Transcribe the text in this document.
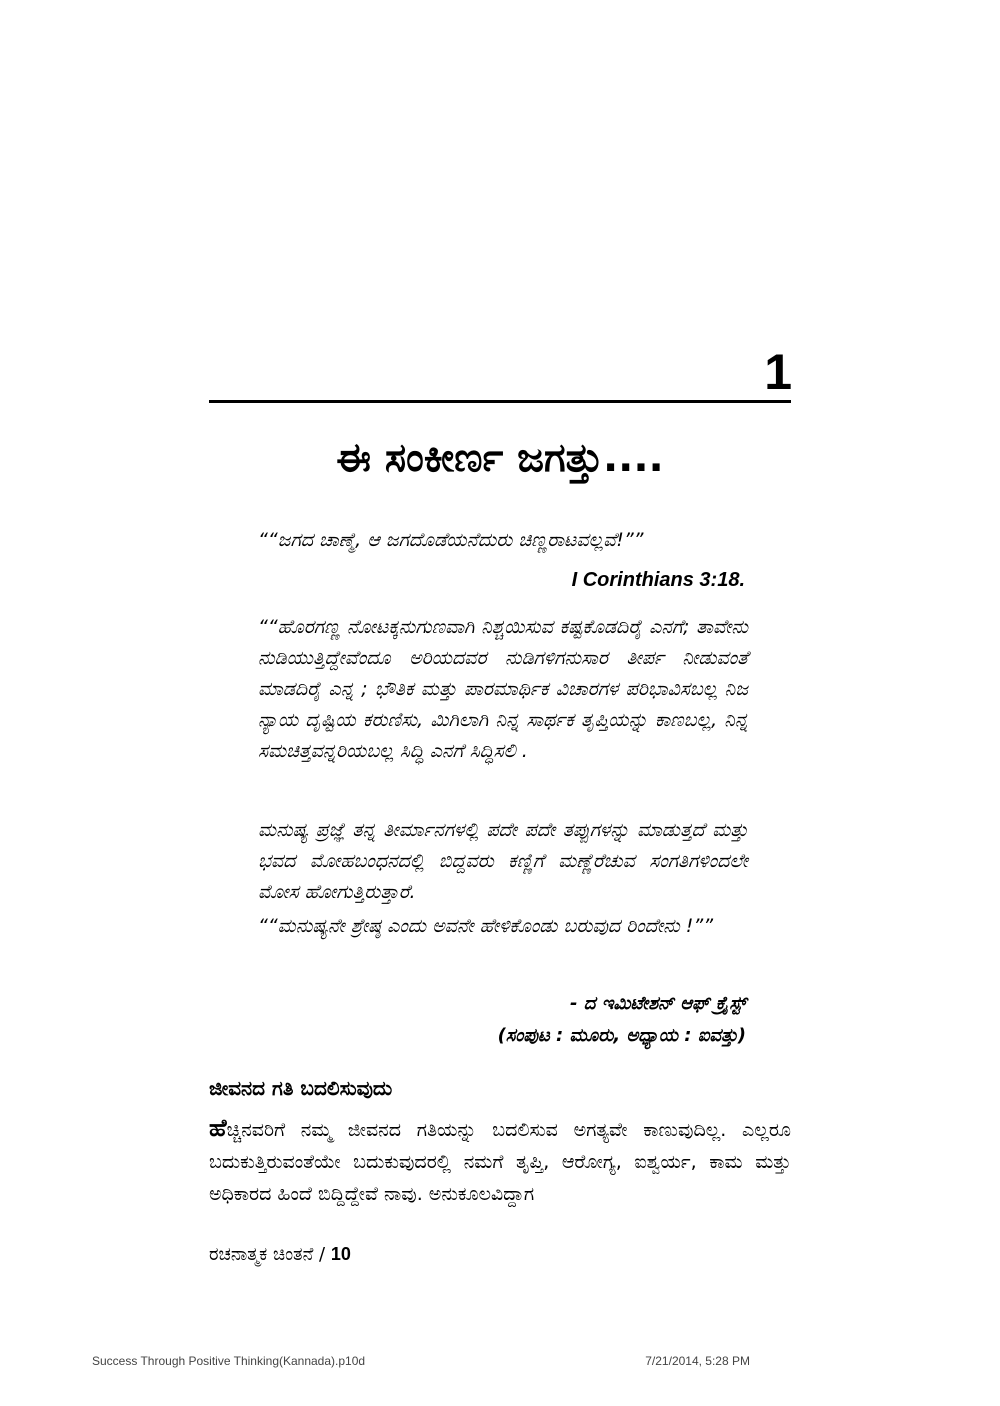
1
ಈ ಸಂಕೀರ್ಣ ಜಗತ್ತು....
““ಜಗದ ಚಾಣ್ಮೆ, ಆ ಜಗದೊಡೆಯನೆದುರು ಚಿಣ್ಣರಾಟವಲ್ಲವೆ!””
I Corinthians 3:18.
““ಹೊರಗಣ್ಣ ನೋಟಕ್ಕನುಗುಣವಾಗಿ ನಿಶ್ಚಯಿಸುವ ಕಷ್ಟಕೊಡದಿರೈ ಎನಗೆ; ತಾವೇನು ನುಡಿಯುತ್ತಿದ್ದೇವೆಂದೂ ಅರಿಯದವರ ನುಡಿಗಳಿಗನುಸಾರ ತೀರ್ಪ ನೀಡುವಂತೆ ಮಾಡದಿರೈ ಎನ್ನ ; ಭೌತಿಕ ಮತ್ತು ಪಾರಮಾರ್ಥಿಕ ವಿಚಾರಗಳ ಪರಿಭಾವಿಸಬಲ್ಲ ನಿಜ ನ್ಯಾಯ ದೃಷ್ಟಿಯ ಕರುಣಿಸು, ಮಿಗಿಲಾಗಿ ನಿನ್ನ ಸಾರ್ಥಕ ತೃಪ್ತಿಯನ್ನು ಕಾಣಬಲ್ಲ, ನಿನ್ನ ಸಮಚಿತ್ತವನ್ನರಿಯಬಲ್ಲ ಸಿದ್ಧಿ ಎನಗೆ ಸಿದ್ಧಿಸಲಿ .
ಮನುಷ್ಯ ಪ್ರಜ್ಞೆ ತನ್ನ ತೀರ್ಮಾನಗಳಲ್ಲಿ ಪದೇ ಪದೇ ತಪ್ಪುಗಳನ್ನು ಮಾಡುತ್ತದೆ ಮತ್ತು ಭವದ ಮೋಹಬಂಧನದಲ್ಲಿ ಬಿದ್ದವರು ಕಣ್ಣಿಗೆ ಮಣ್ಣೆರೆಚುವ ಸಂಗತಿಗಳಿಂದಲೇ ಮೋಸ ಹೋಗುತ್ತಿರುತ್ತಾರೆ.
““ಮನುಷ್ಯನೇ ಶ್ರೇಷ್ಠ ಎಂದು ಅವನೇ ಹೇಳಿಕೊಂಡು ಬರುವುದ ರಿಂದೇನು !””
- ದ ಇಮಿಟೇಶನ್ ಆಫ್ ಕ್ರೈಸ್ಟ್
(ಸಂಪುಟ : ಮೂರು, ಅಧ್ಯಾಯ : ಐವತ್ತು)
ಜೀವನದ ಗತಿ ಬದಲಿಸುವುದು
ಹೆಚ್ಚಿನವರಿಗೆ ನಮ್ಮ ಜೀವನದ ಗತಿಯನ್ನು ಬದಲಿಸುವ ಅಗತ್ಯವೇ ಕಾಣುವುದಿಲ್ಲ. ಎಲ್ಲರೂ ಬದುಕುತ್ತಿರುವಂತೆಯೇ ಬದುಕುವುದರಲ್ಲಿ ನಮಗೆ ತೃಪ್ತಿ, ಆರೋಗ್ಯ, ಐಶ್ವರ್ಯ, ಕಾಮ ಮತ್ತು ಅಧಿಕಾರದ ಹಿಂದೆ ಬಿದ್ದಿದ್ದೇವೆ ನಾವು. ಅನುಕೂಲವಿದ್ದಾಗ
ರಚನಾತ್ಮಕ ಚಿಂತನೆ / 10
Success Through Positive Thinking(Kannada).p10d	7/21/2014, 5:28 PM
